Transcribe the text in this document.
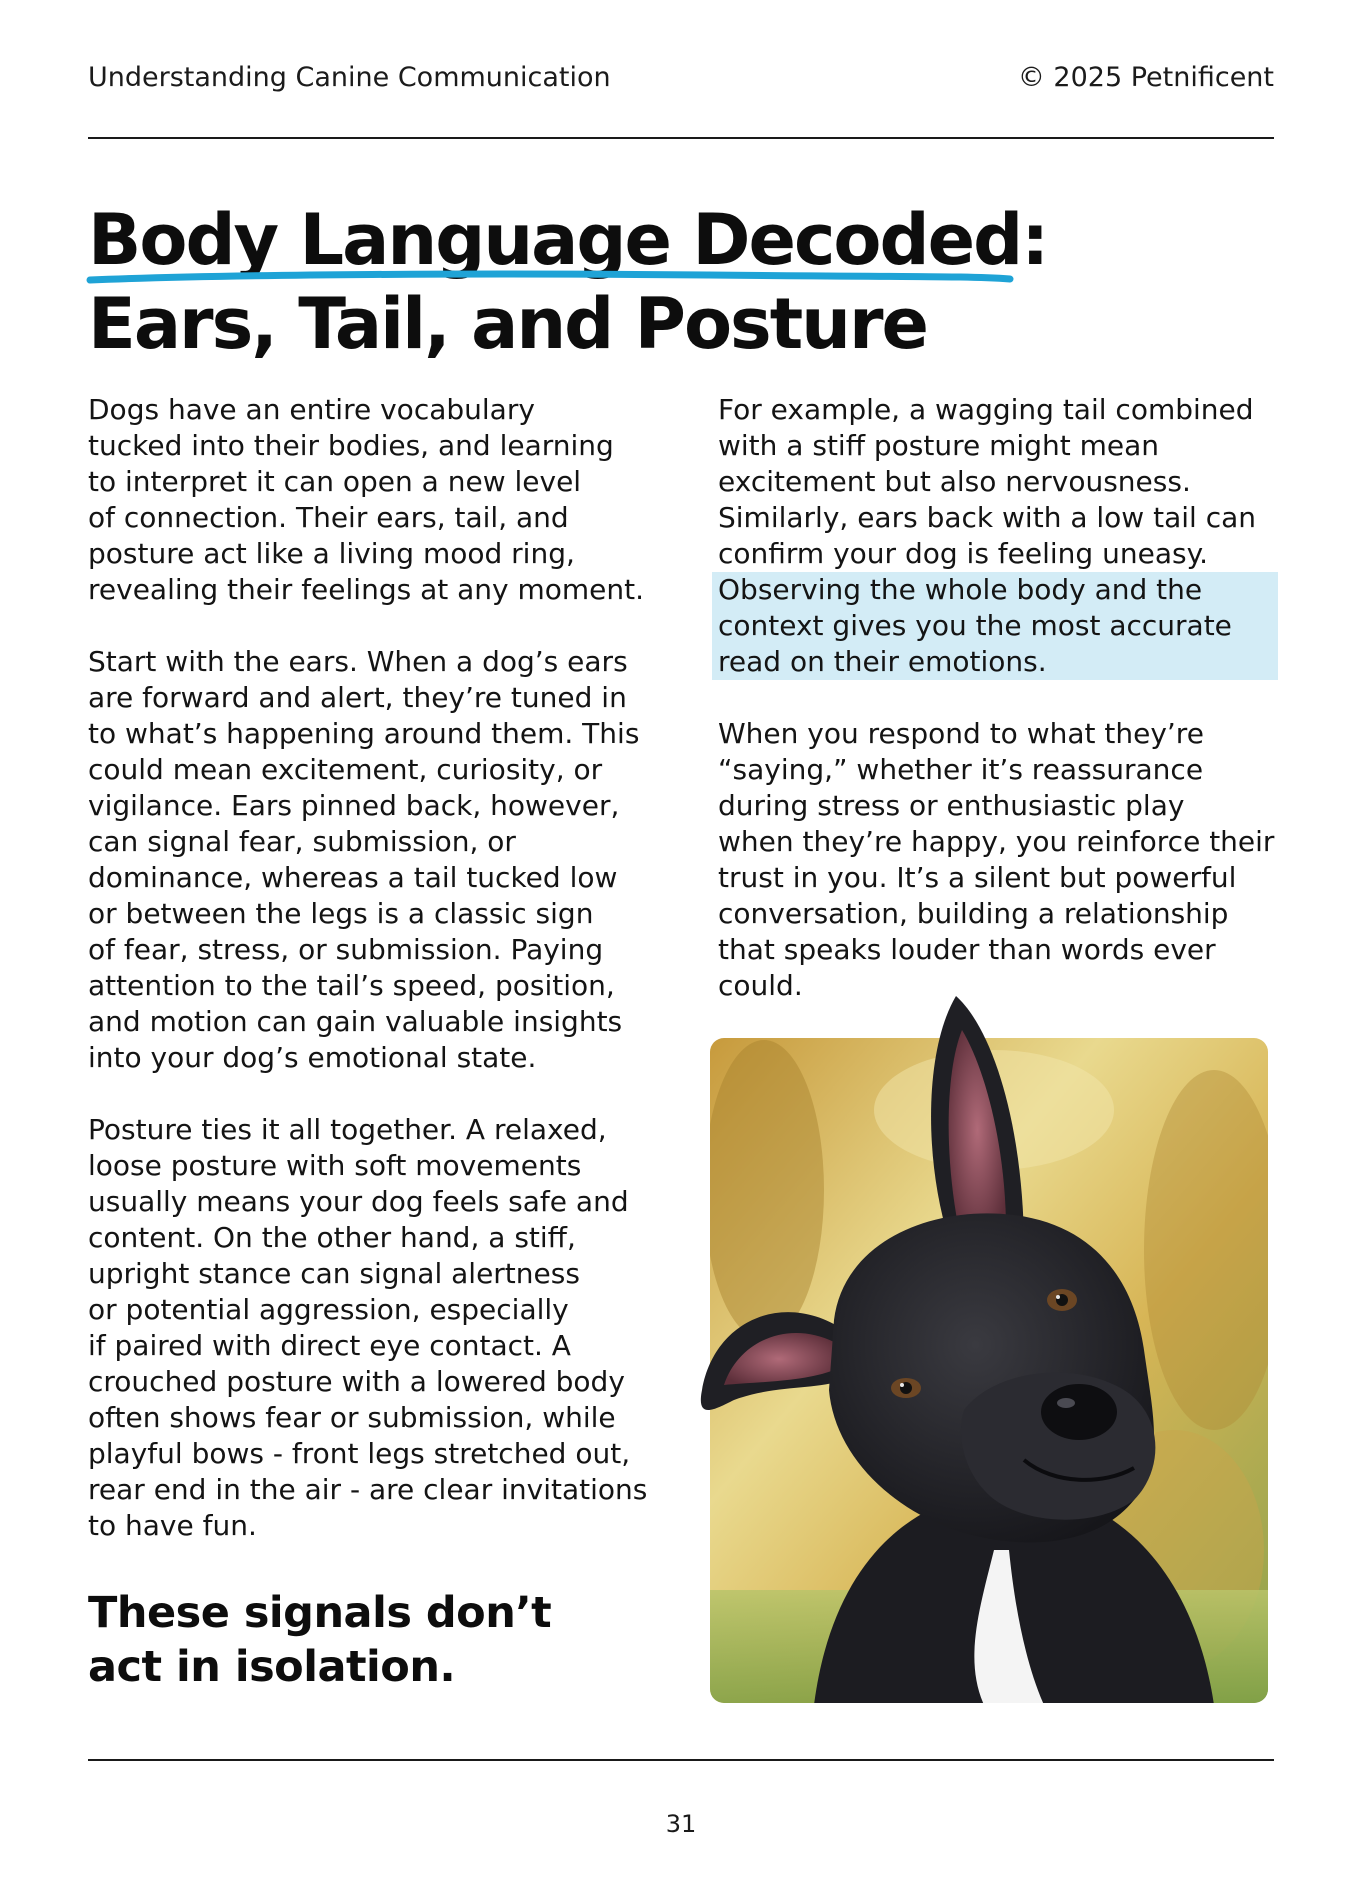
Understanding Canine Communication	© 2025 Petnificent
Body Language Decoded:
Ears, Tail, and Posture

Dogs have an entire vocabulary
tucked into their bodies, and learning
to interpret it can open a new level
of connection. Their ears, tail, and
posture act like a living mood ring,
revealing their feelings at any moment.

Start with the ears. When a dog’s ears
are forward and alert, they’re tuned in
to what’s happening around them. This
could mean excitement, curiosity, or
vigilance. Ears pinned back, however,
can signal fear, submission, or
dominance, whereas a tail tucked low
or between the legs is a classic sign
of fear, stress, or submission. Paying
attention to the tail’s speed, position,
and motion can gain valuable insights
into your dog’s emotional state.

Posture ties it all together. A relaxed,
loose posture with soft movements
usually means your dog feels safe and
content. On the other hand, a stiff,
upright stance can signal alertness
or potential aggression, especially
if paired with direct eye contact. A
crouched posture with a lowered body
often shows fear or submission, while
playful bows - front legs stretched out,
rear end in the air - are clear invitations
to have fun.

These signals don’t
act in isolation.

For example, a wagging tail combined
with a stiff posture might mean
excitement but also nervousness.
Similarly, ears back with a low tail can
confirm your dog is feeling uneasy.
Observing the whole body and the
context gives you the most accurate
read on their emotions.

When you respond to what they’re
“saying,” whether it’s reassurance
during stress or enthusiastic play
when they’re happy, you reinforce their
trust in you. It’s a silent but powerful
conversation, building a relationship
that speaks louder than words ever
could.

31
